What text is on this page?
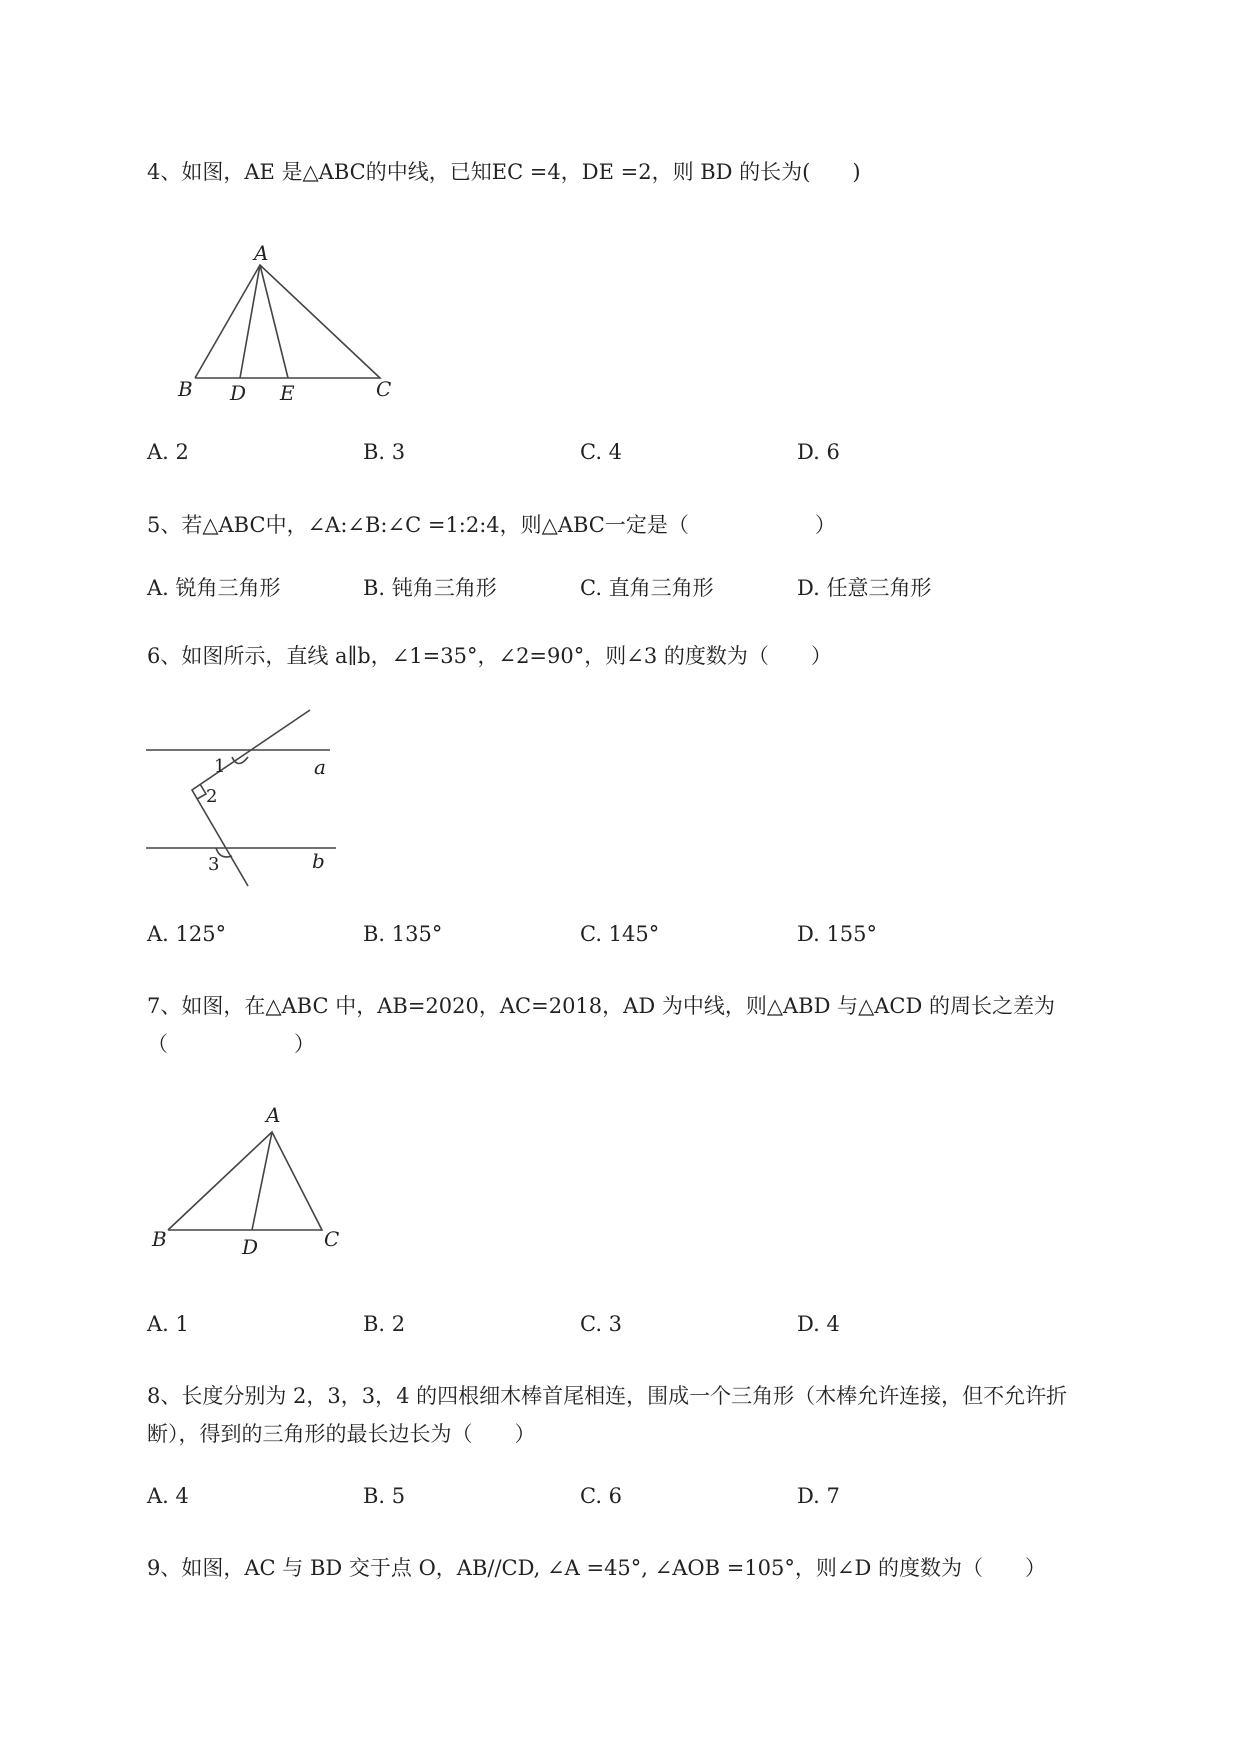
4、如图，AE 是△ABC的中线，已知EC =4，DE =2，则 BD 的长为(　　)
A
B D E	C
A. 2	B. 3	C. 4	D. 6
5、若△ABC中，∠A:∠B:∠C =1:2:4，则△ABC一定是（　　　　　　）
A. 锐角三角形	B. 钝角三角形	C. 直角三角形	D. 任意三角形
6、如图所示，直线 a∥b，∠1=35°，∠2=90°，则∠3 的度数为（　　）
1
2
3
a
b
A. 125°	B. 135°	C. 145°	D. 155°
7、如图，在△ABC 中，AB=2020，AC=2018，AD 为中线，则△ABD 与△ACD 的周长之差为
（　　　　　　）
A
B	D	C
A. 1	B. 2	C. 3	D. 4
8、长度分别为 2，3，3，4 的四根细木棒首尾相连，围成一个三角形（木棒允许连接，但不允许折
断），得到的三角形的最长边长为（　　）
A. 4	B. 5	C. 6	D. 7
9、如图，AC 与 BD 交于点 O，AB//CD, ∠A =45°, ∠AOB =105°，则∠D 的度数为（　　）
